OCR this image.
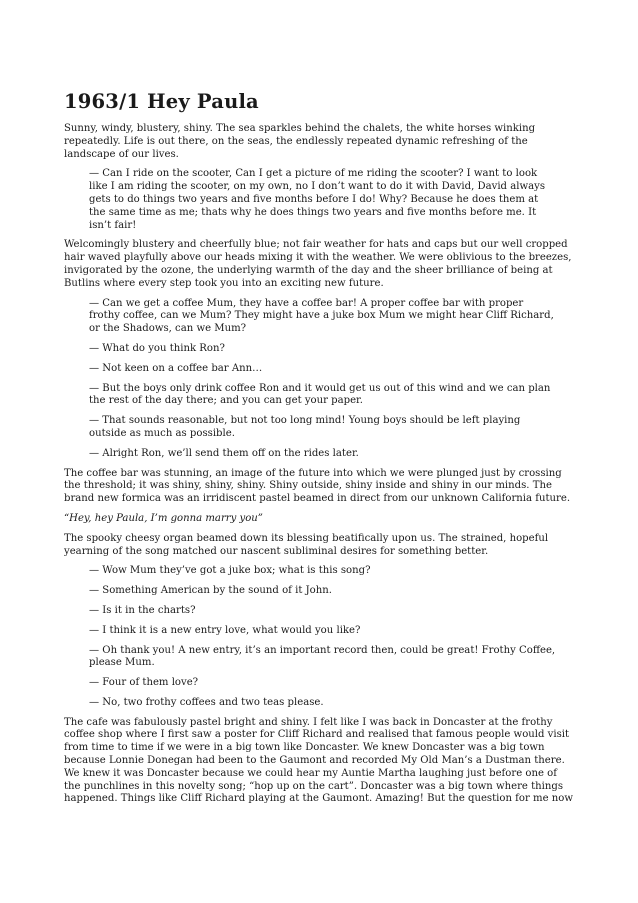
1963/1 Hey Paula

Sunny, windy, blustery, shiny. The sea sparkles behind the chalets, the white horses winking repeatedly. Life is out there, on the seas, the endlessly repeated dynamic refreshing of the landscape of our lives.

— Can I ride on the scooter, Can I get a picture of me riding the scooter? I want to look like I am riding the scooter, on my own, no I don’t want to do it with David, David always gets to do things two years and five months before I do! Why? Because he does them at the same time as me; thats why he does things two years and five months before me. It isn’t fair!

Welcomingly blustery and cheerfully blue; not fair weather for hats and caps but our well cropped hair waved playfully above our heads mixing it with the weather. We were oblivious to the breezes, invigorated by the ozone, the underlying warmth of the day and the sheer brilliance of being at Butlins where every step took you into an exciting new future.

— Can we get a coffee Mum, they have a coffee bar! A proper coffee bar with proper frothy coffee, can we Mum? They might have a juke box Mum we might hear Cliff Richard, or the Shadows, can we Mum?

— What do you think Ron?

— Not keen on a coffee bar Ann…

— But the boys only drink coffee Ron and it would get us out of this wind and we can plan the rest of the day there; and you can get your paper.

— That sounds reasonable, but not too long mind! Young boys should be left playing outside as much as possible.

— Alright Ron, we’ll send them off on the rides later.

The coffee bar was stunning, an image of the future into which we were plunged just by crossing the threshold; it was shiny, shiny, shiny. Shiny outside, shiny inside and shiny in our minds. The brand new formica was an irridiscent pastel beamed in direct from our unknown California future.

“Hey, hey Paula, I’m gonna marry you”

The spooky cheesy organ beamed down its blessing beatifically upon us. The strained, hopeful yearning of the song matched our nascent subliminal desires for something better.

— Wow Mum they’ve got a juke box; what is this song?

— Something American by the sound of it John.

— Is it in the charts?

— I think it is a new entry love, what would you like?

— Oh thank you! A new entry, it’s an important record then, could be great! Frothy Coffee, please Mum.

— Four of them love?

— No, two frothy coffees and two teas please.

The cafe was fabulously pastel bright and shiny. I felt like I was back in Doncaster at the frothy coffee shop where I first saw a poster for Cliff Richard and realised that famous people would visit from time to time if we were in a big town like Doncaster. We knew Doncaster was a big town because Lonnie Donegan had been to the Gaumont and recorded My Old Man’s a Dustman there. We knew it was Doncaster because we could hear my Auntie Martha laughing just before one of the punchlines in this novelty song; “hop up on the cart”. Doncaster was a big town where things happened. Things like Cliff Richard playing at the Gaumont. Amazing! But the question for me now
